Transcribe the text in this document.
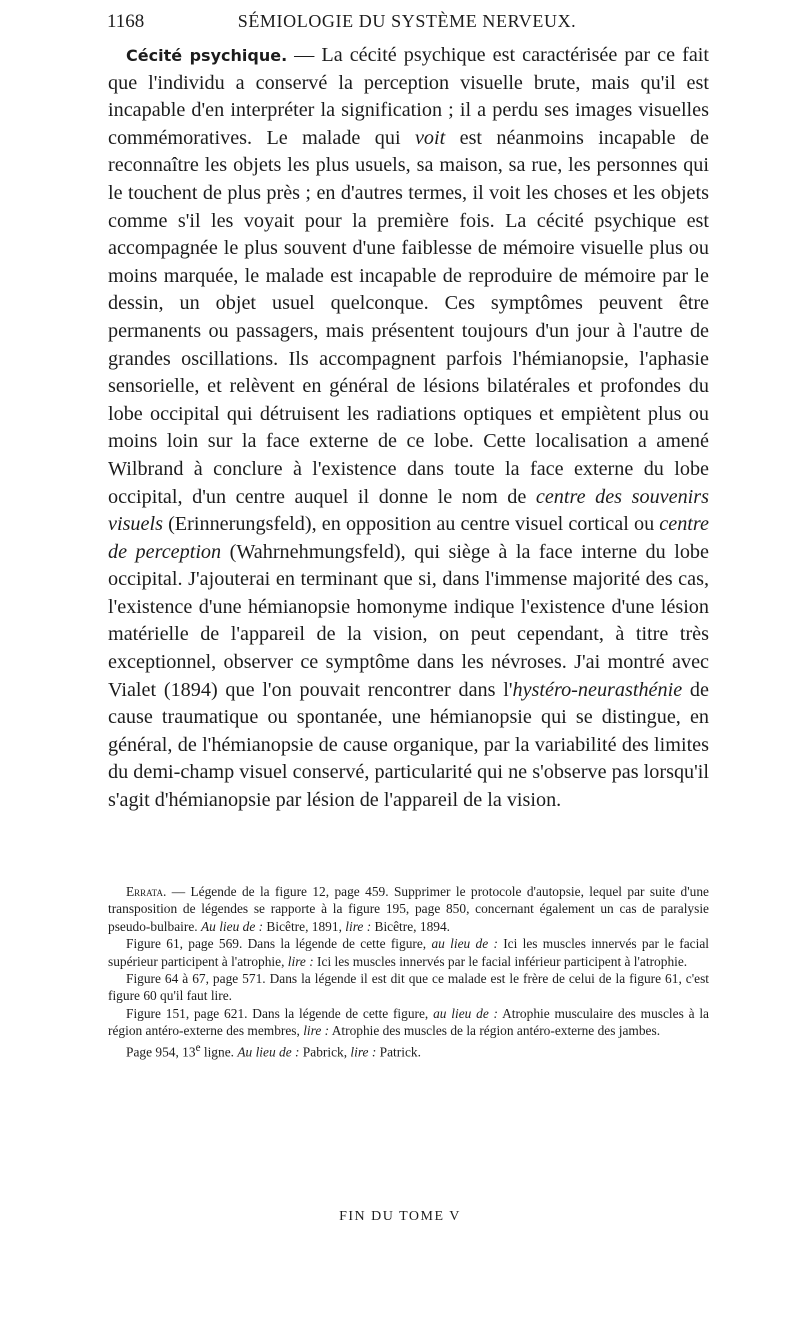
1168	SÉMIOLOGIE DU SYSTÈME NERVEUX.

Cécité psychique. — La cécité psychique est caractérisée par ce fait que l'individu a conservé la perception visuelle brute, mais qu'il est incapable d'en interpréter la signification ; il a perdu ses images visuelles commémoratives. Le malade qui voit est néanmoins incapable de reconnaître les objets les plus usuels, sa maison, sa rue, les personnes qui le touchent de plus près ; en d'autres termes, il voit les choses et les objets comme s'il les voyait pour la première fois. La cécité psychique est accompagnée le plus souvent d'une faiblesse de mémoire visuelle plus ou moins marquée, le malade est incapable de reproduire de mémoire par le dessin, un objet usuel quelconque. Ces symptômes peuvent être permanents ou passagers, mais présentent toujours d'un jour à l'autre de grandes oscillations. Ils accompagnent parfois l'hémianopsie, l'aphasie sensorielle, et relèvent en général de lésions bilatérales et profondes du lobe occipital qui détruisent les radiations optiques et empiètent plus ou moins loin sur la face externe de ce lobe. Cette localisation a amené Wilbrand à conclure à l'existence dans toute la face externe du lobe occipital, d'un centre auquel il donne le nom de centre des souvenirs visuels (Erinnerungsfeld), en opposition au centre visuel cortical ou centre de perception (Wahrnehmungsfeld), qui siège à la face interne du lobe occipital. J'ajouterai en terminant que si, dans l'immense majorité des cas, l'existence d'une hémianopsie homonyme indique l'existence d'une lésion matérielle de l'appareil de la vision, on peut cependant, à titre très exceptionnel, observer ce symptôme dans les névroses. J'ai montré avec Vialet (1894) que l'on pouvait rencontrer dans l'hystéro-neurasthénie de cause traumatique ou spontanée, une hémianopsie qui se distingue, en général, de l'hémianopsie de cause organique, par la variabilité des limites du demi-champ visuel conservé, particularité qui ne s'observe pas lorsqu'il s'agit d'hémianopsie par lésion de l'appareil de la vision.

Errata. — Légende de la figure 12, page 459. Supprimer le protocole d'autopsie, lequel par suite d'une transposition de légendes se rapporte à la figure 195, page 850, concernant également un cas de paralysie pseudo-bulbaire. Au lieu de : Bicêtre, 1891, lire : Bicêtre, 1894.

Figure 61, page 569. Dans la légende de cette figure, au lieu de : Ici les muscles innervés par le facial supérieur participent à l'atrophie, lire : Ici les muscles innervés par le facial inférieur participent à l'atrophie.

Figure 64 à 67, page 571. Dans la légende il est dit que ce malade est le frère de celui de la figure 61, c'est figure 60 qu'il faut lire.

Figure 151, page 621. Dans la légende de cette figure, au lieu de : Atrophie musculaire des muscles à la région antéro-externe des membres, lire : Atrophie des muscles de la région antéro-externe des jambes.

Page 954, 13e ligne. Au lieu de : Pabrick, lire : Patrick.

FIN DU TOME V
